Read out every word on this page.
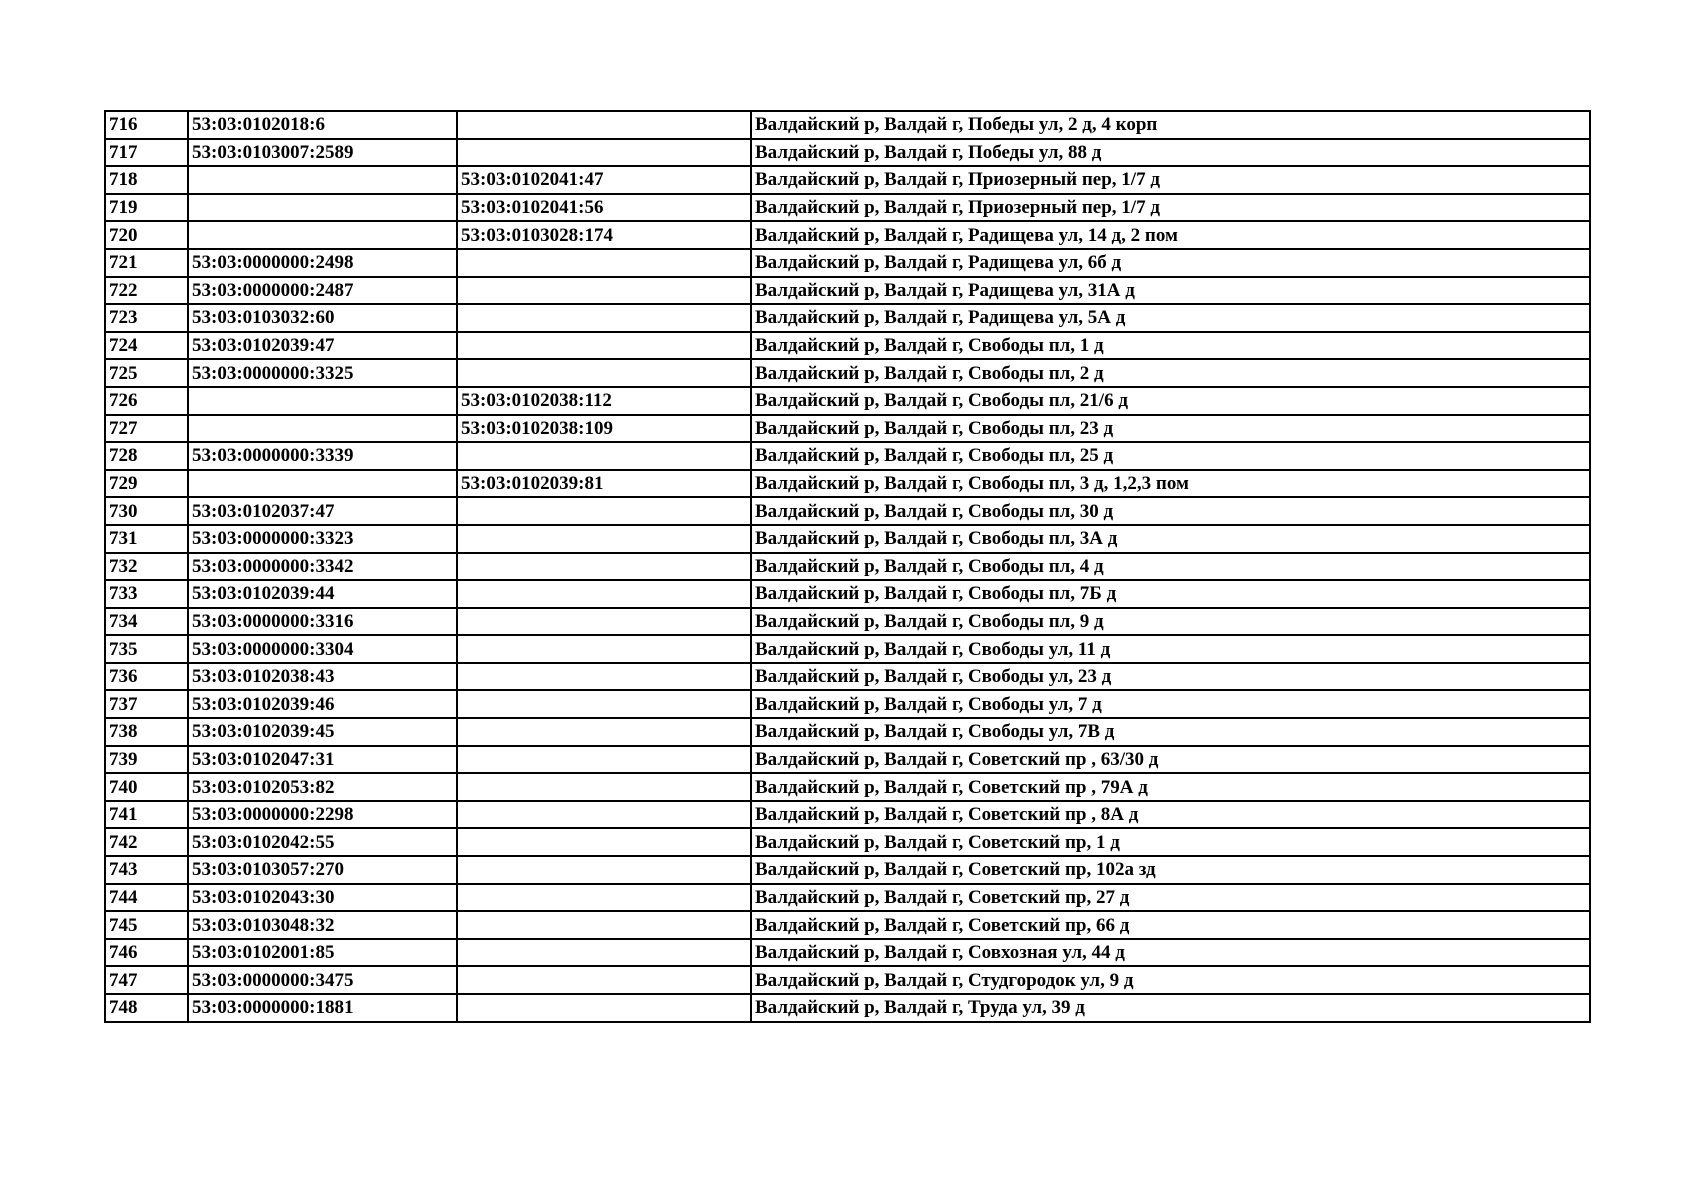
716	53:03:0102018:6		Валдайский р, Валдай г, Победы ул, 2 д, 4 корп
717	53:03:0103007:2589		Валдайский р, Валдай г, Победы ул, 88 д
718		53:03:0102041:47	Валдайский р, Валдай г, Приозерный пер, 1/7 д
719		53:03:0102041:56	Валдайский р, Валдай г, Приозерный пер, 1/7 д
720		53:03:0103028:174	Валдайский р, Валдай г, Радищева ул, 14 д, 2 пом
721	53:03:0000000:2498		Валдайский р, Валдай г, Радищева ул, 6б д
722	53:03:0000000:2487		Валдайский р, Валдай г, Радищева ул, 31А д
723	53:03:0103032:60		Валдайский р, Валдай г, Радищева ул, 5А д
724	53:03:0102039:47		Валдайский р, Валдай г, Свободы пл, 1 д
725	53:03:0000000:3325		Валдайский р, Валдай г, Свободы пл, 2 д
726		53:03:0102038:112	Валдайский р, Валдай г, Свободы пл, 21/6 д
727		53:03:0102038:109	Валдайский р, Валдай г, Свободы пл, 23 д
728	53:03:0000000:3339		Валдайский р, Валдай г, Свободы пл, 25 д
729		53:03:0102039:81	Валдайский р, Валдай г, Свободы пл, 3 д, 1,2,3 пом
730	53:03:0102037:47		Валдайский р, Валдай г, Свободы пл, 30 д
731	53:03:0000000:3323		Валдайский р, Валдай г, Свободы пл, 3А д
732	53:03:0000000:3342		Валдайский р, Валдай г, Свободы пл, 4 д
733	53:03:0102039:44		Валдайский р, Валдай г, Свободы пл, 7Б д
734	53:03:0000000:3316		Валдайский р, Валдай г, Свободы пл, 9 д
735	53:03:0000000:3304		Валдайский р, Валдай г, Свободы ул, 11 д
736	53:03:0102038:43		Валдайский р, Валдай г, Свободы ул, 23 д
737	53:03:0102039:46		Валдайский р, Валдай г, Свободы ул, 7 д
738	53:03:0102039:45		Валдайский р, Валдай г, Свободы ул, 7В д
739	53:03:0102047:31		Валдайский р, Валдай г, Советский пр , 63/30 д
740	53:03:0102053:82		Валдайский р, Валдай г, Советский пр , 79А д
741	53:03:0000000:2298		Валдайский р, Валдай г, Советский пр , 8А д
742	53:03:0102042:55		Валдайский р, Валдай г, Советский пр, 1 д
743	53:03:0103057:270		Валдайский р, Валдай г, Советский пр, 102а зд
744	53:03:0102043:30		Валдайский р, Валдай г, Советский пр, 27 д
745	53:03:0103048:32		Валдайский р, Валдай г, Советский пр, 66 д
746	53:03:0102001:85		Валдайский р, Валдай г, Совхозная ул, 44 д
747	53:03:0000000:3475		Валдайский р, Валдай г, Студгородок ул, 9 д
748	53:03:0000000:1881		Валдайский р, Валдай г, Труда ул, 39 д
